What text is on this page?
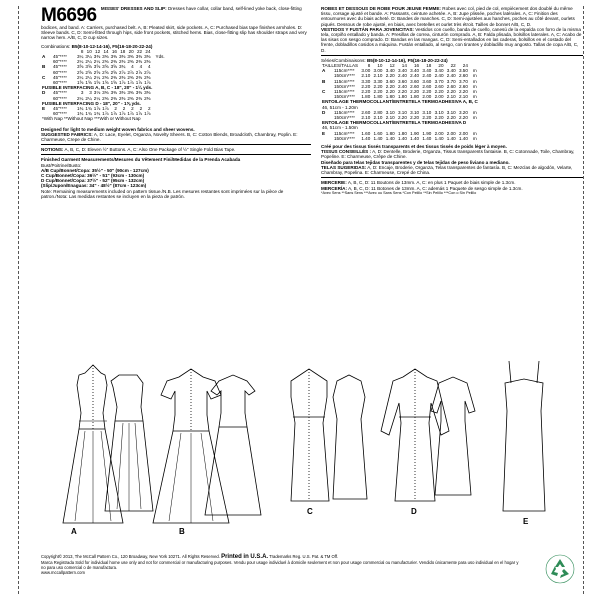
M6696 MISSES' DRESSES AND SLIP: Dresses have collar, collar band, self-lined yoke back, close-fitting bodices, and band. A: Carriers, purchased belt. A, B: Pleated skirt, side pockets. A, C: Purchased bias tape finishes armholes. D: Sleeve bands. C, D: Semi-fitted through hips, side front pockets, stitched hems. Bias, close-fitting slip has shoulder straps and very narrow hem. A/B, C, D cup sizes.
Combinations: B5(8-10-12-14-16), F5(16-18-20-22-24)
		8	10	12	14	16	18	20	22	24	
A	45"****	3¼	3¼	3⅜	3⅜	3⅜	3⅜	3⅜	3⅜	3⅜	Yds.
	60"****	2¼	2¼	2¼	2⅜	2⅜	2⅜	2⅜	2⅜	2⅜	
B	45"****	3⅝	3⅝	3⅝	3⅝	3⅝	3¾	4	4	4	
	60"****	2⅝	2⅝	2⅝	2⅝	2⅝	2⅞	2⅞	2⅞	2⅞	
C	45"****	2¼	2¼	2¼	2⅜	2⅜	2⅜	2⅜	2⅜	2⅜	
	60"****	1⅝	1⅝	1⅝	1⅝	1⅝	1⅞	1⅞	1⅞	1⅞	
FUSIBLE INTERFACING A, B, C - 18", 20" - 1¼ yds.											
D	45"****	3	3	3⅛	3⅜	3⅜	3⅜	3⅜	3⅜	3⅜	
	60"****	2¼	2¼	2¼	2⅜	2⅜	2⅜	2⅜	2⅜	2⅜	
FUSIBLE INTERFACING D - 18", 20" - 1⅝ yds.											
E	45"****	1¾	1¾	1⅞	1⅞	2	2	2	2	2	
	60"****	1¾	1¾	1¾	1⅞	1⅞	1⅞	1⅞	1⅞	1⅞	
*With Nap **Without Nap ***With or Without Nap											
Designed for light to medium weight woven fabrics and sheer wovens.
SUGGESTED FABRICS: A, D: Lace, Eyelet, Organza, Novelty Sheers. B, C: Cotton Blends, Broadcloth, Chambray, Poplin. E: Charmeuse, Crepe de Chine.
NOTIONS: A, B, C, D: Eleven ½" Buttons. A, C: Also One Package of ½" Single Fold Bias Tape.
Finished Garment Measurements/Mesures du Vêtement Fini/Medidas de la Prenda Acabada
Bust/Poitrine/Busto:
A/B Cup/Bonnet/Copa: 35½" - 50" (90cm - 127cm)
C Cup/Bonnet/Copa: 36½" - 51" (93cm - 130cm)
D Cup/Bonnet/Copa: 37½" - 52" (95cm - 132cm)
(Slip/Jupon/Enaguas: 34" - 48½" (87cm - 123cm)
Note: Remaining measurements included on pattern tissue./N.B. Les mesures restantes sont imprimées sur la pièce de patron./Nota: Las medidas restantes se incluyen en la pieza de patrón.
ROBES ET DESSOUS DE ROBE POUR JEUNE FEMME: Robes avec col, pied de col, empiècement dos doublé du même tissu, corsage ajusté et bande. A: Passants, ceinture achetée. A, B: Jupe plissée, poches latérales. A, C: Finition des entournures avec du biais acheté. D: Bandes de manches. C, D: Semi-ajustées aux hanches, poches au côté devant, ourlets piqués. Dessous de robe ajusté, en biais, avec bretelles et ourlet très étroit. Tailles de bonnet A/B, C, D.
VESTIDOS Y FUSTÁN PARA JOVENCITAS: Vestidos con cuello, banda de cuello, canesú de la espalda con forro de la misma tela, corpiño entallado y banda. A: Presillas de correa, cinturón comprado. A, B: Falda plisada, bolsillos laterales. A, C: Acabo de las sisas con sesgo comprado. D: Bandas en las mangas. C, D: Semi-entallados en las caderas, bolsillos en el costado del frente, dobladillos cosidos a máquina. Fustán entallado, al sesgo, con tirantes y dobladillo muy angosto. Tallas de copa A/B, C, D.
Séries/Combinaisons: B5(8-10-12-14-16), F5(16-18-20-22-24)
TAILLES/TALLAS		8	10	12	14	16	18	20	22	24	
A	115cm****	3.00	3.00	3.40	3.40	3.40	3.40	3.40	3.40	3.50	m
	150cm****	2.10	2.10	2.20	2.40	2.40	2.40	2.40	2.40	2.60	m
B	115cm****	3.30	3.30	3.60	3.60	3.60	3.60	3.70	3.70	3.70	m
	150cm****	2.20	2.20	2.20	2.40	2.60	2.60	2.60	2.60	2.60	m
C	115cm****	2.20	2.20	2.20	2.20	2.20	2.20	2.20	2.20	2.20	m
	150cm****	1.80	1.80	1.80	1.80	1.80	2.00	2.00	2.10	2.10	m
ENTOILAGE THERMOCOLLANT/ENTRETELA TERMOADHESIVA A, B, C											
46, 51cm - 1.20m											
D	115cm****	2.60	2.80	3.10	3.10	3.10	3.10	3.10	3.10	3.20	m
	150cm****	2.10	2.10	2.10	2.20	2.20	2.20	2.20	2.20	2.20	m
ENTOILAGE THERMOCOLLANT/ENTRETELA TERMOADHESIVA D											
46, 51cm - 1.50m											
E	115cm****	1.60	1.60	1.80	1.80	1.90	1.90	2.00	2.00	2.00	m
	150cm****	1.40	1.40	1.40	1.40	1.40	1.40	1.40	1.40	1.40	m
Créé pour des tissus tissés transparents et des tissus tissés de poids léger à moyen.
TISSUS CONSEILLÉS : A, D: Dentelle, Broderie, Organza, Tissus transparents fantaisie. B, C: Cotonnade, Toile, Chambray, Popeline. E: Charmeuse, Crêpe de Chine.
Diseñado para telas tejidas transparentes y de telas tejidas de peso liviano a mediano.
TELAS SUGERIDAS: A, D: Encaje, Broderie, Organza, Telas transparentes de fantasía. B, C: Mezclas de algodón, Velarte, Chambray, Popelina. E: Charmeuse, Crepé de China.
MERCERIE: A, B, C, D: 11 Boutons de 13mm. A, C: en plus 1 Paquet de biais simple de 1.3cm.
MERCERÍA: A, B, C, D: 11 Botones de 13mm. A, C: además 1 Paquete de sesgo simple de 1.3cm.
*Avec Sens **Sans Sens ***Avec ou Sans Sens *Con Pelillo **Sin Pelillo ***Con o Sin Pelillo
A	B
C	D
E
Copyright© 2013, The McCall Pattern Co., 120 Broadway, New York 10271. All Rights Reserved. Printed in U.S.A. Trademarks Reg. U.S. Pat. & TM Off.
Marca Registrada Sold for individual home use only and not for commercial or manufacturing purposes. Vendu pour usage individuel à domicile seulement et non pour usage commercial ou manufacturier. Vendido únicamente para uso individual en el hogar y no para uso comercial o de manufactura.
www.mccallpattern.com
